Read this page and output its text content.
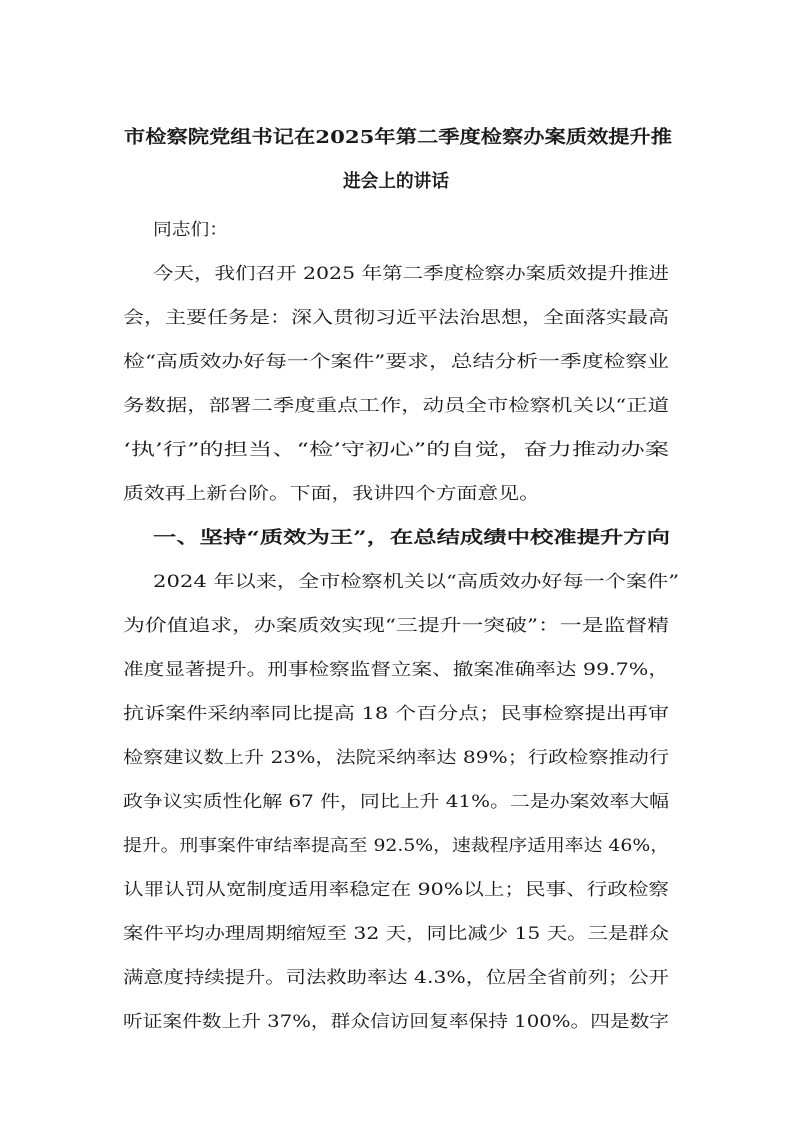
市检察院党组书记在2025年第二季度检察办案质效提升推
进会上的讲话
同志们：
今天，我们召开 2025 年第二季度检察办案质效提升推进
会，主要任务是：深入贯彻习近平法治思想，全面落实最高
检“高质效办好每一个案件”要求，总结分析一季度检察业
务数据，部署二季度重点工作，动员全市检察机关以“正道
‘执’行”的担当、“检’守初心”的自觉，奋力推动办案
质效再上新台阶。下面，我讲四个方面意见。
一、坚持“质效为王”，在总结成绩中校准提升方向
2024 年以来，全市检察机关以“高质效办好每一个案件”
为价值追求，办案质效实现“三提升一突破”：一是监督精
准度显著提升。刑事检察监督立案、撤案准确率达 99.7%，
抗诉案件采纳率同比提高 18 个百分点；民事检察提出再审
检察建议数上升 23%，法院采纳率达 89%；行政检察推动行
政争议实质性化解 67 件，同比上升 41%。二是办案效率大幅
提升。刑事案件审结率提高至 92.5%，速裁程序适用率达 46%，
认罪认罚从宽制度适用率稳定在 90%以上；民事、行政检察
案件平均办理周期缩短至 32 天，同比减少 15 天。三是群众
满意度持续提升。司法救助率达 4.3%，位居全省前列；公开
听证案件数上升 37%，群众信访回复率保持 100%。四是数字
